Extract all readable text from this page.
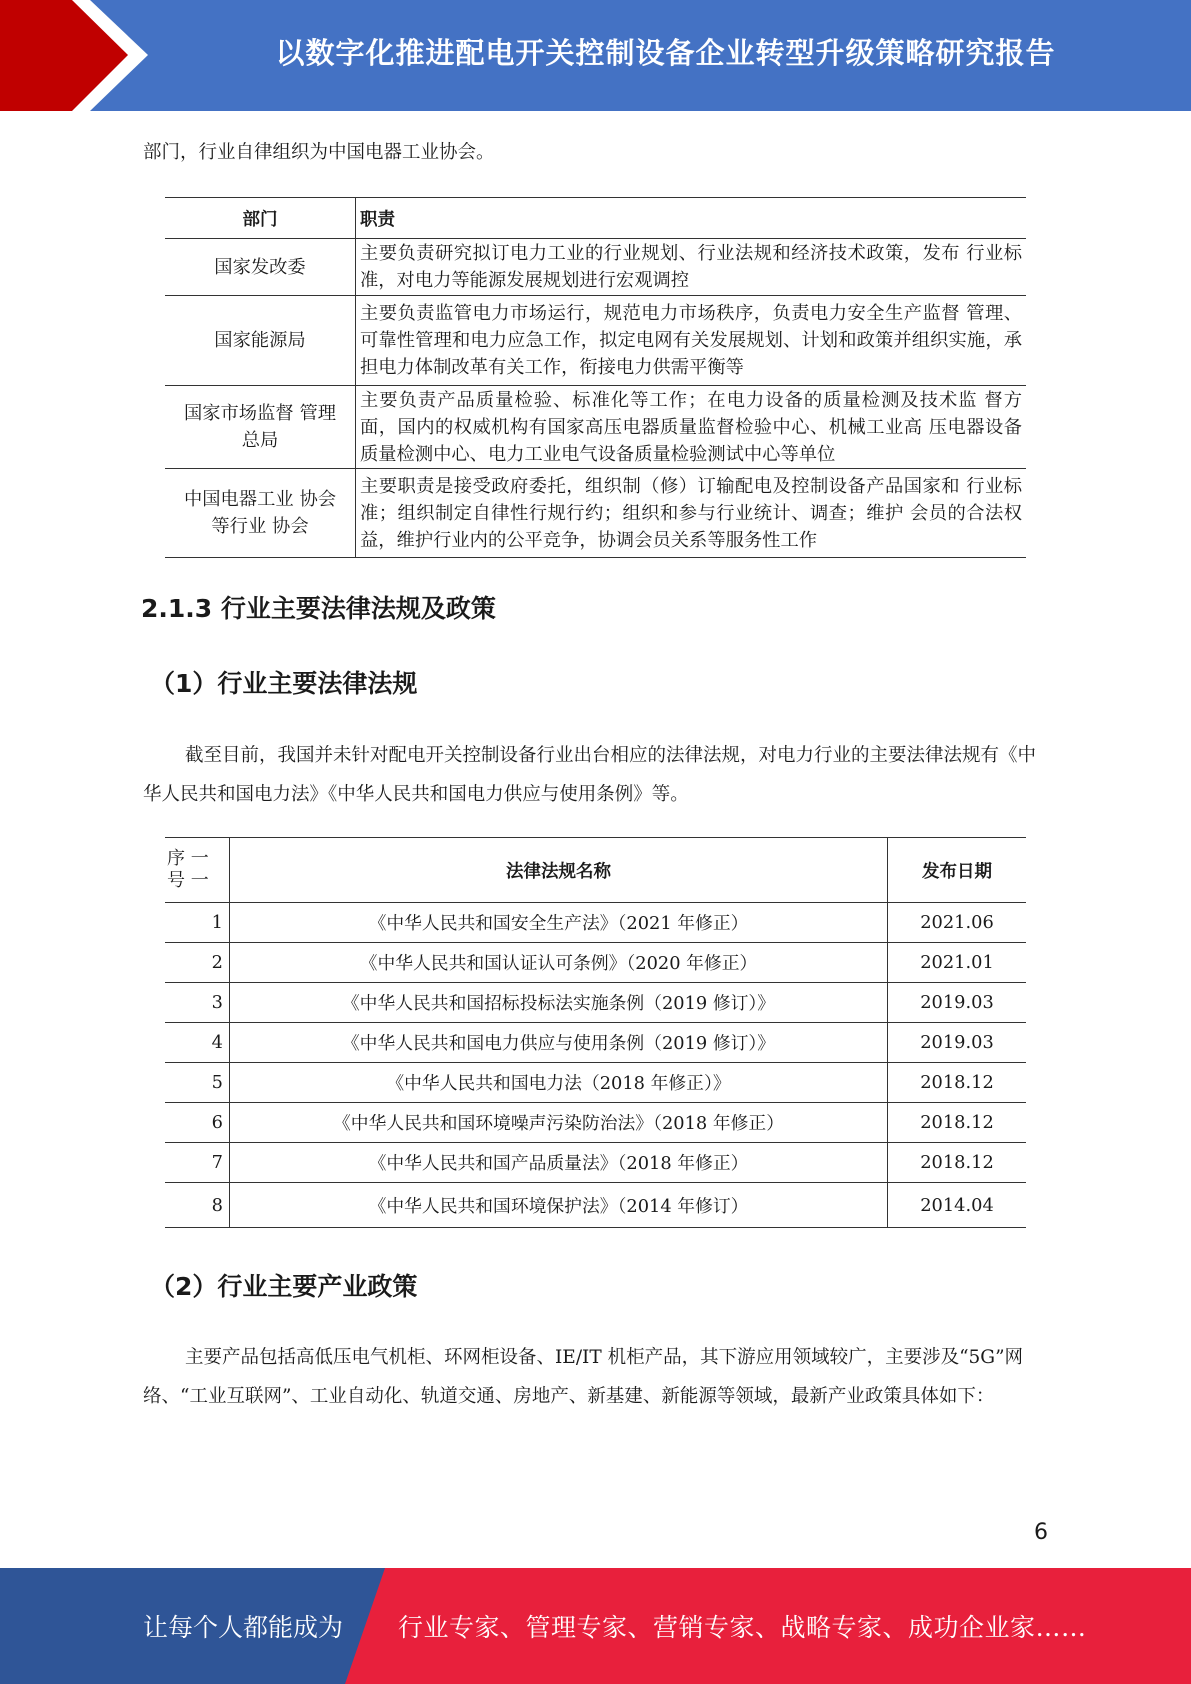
以数字化推进配电开关控制设备企业转型升级策略研究报告
部门，行业自律组织为中国电器工业协会。
部门	职责
国家发改委	主要负责研究拟订电力工业的行业规划、行业法规和经济技术政策，发布 行业标准，对电力等能源发展规划进行宏观调控
国家能源局	主要负责监管电力市场运行，规范电力市场秩序，负责电力安全生产监督 管理、可靠性管理和电力应急工作，拟定电网有关发展规划、计划和政策并组织实施，承担电力体制改革有关工作，衔接电力供需平衡等
国家市场监督 管理总局	主要负责产品质量检验、标准化等工作；在电力设备的质量检测及技术监 督方面，国内的权威机构有国家高压电器质量监督检验中心、机械工业高 压电器设备质量检测中心、电力工业电气设备质量检验测试中心等单位
中国电器工业 协会等行业 协会	主要职责是接受政府委托，组织制（修）订输配电及控制设备产品国家和 行业标准；组织制定自律性行规行约；组织和参与行业统计、调查；维护 会员的合法权益，维护行业内的公平竞争，协调会员关系等服务性工作
2.1.3 行业主要法律法规及政策
（1）行业主要法律法规
截至目前，我国并未针对配电开关控制设备行业出台相应的法律法规，对电力行业的主要法律法规有《中华人民共和国电力法》《中华人民共和国电力供应与使用条例》等。
序 一 号 一	法律法规名称	发布日期
1	《中华人民共和国安全生产法》（2021 年修正）	2021.06
2	《中华人民共和国认证认可条例》（2020 年修正）	2021.01
3	《中华人民共和国招标投标法实施条例（2019 修订）》	2019.03
4	《中华人民共和国电力供应与使用条例（2019 修订）》	2019.03
5	《中华人民共和国电力法（2018 年修正）》	2018.12
6	《中华人民共和国环境噪声污染防治法》（2018 年修正）	2018.12
7	《中华人民共和国产品质量法》（2018 年修正）	2018.12
8	《中华人民共和国环境保护法》（2014 年修订）	2014.04
（2）行业主要产业政策
主要产品包括高低压电气机柜、环网柜设备、IE/IT 机柜产品，其下游应用领域较广，主要涉及“5G”网络、“工业互联网”、工业自动化、轨道交通、房地产、新基建、新能源等领域，最新产业政策具体如下：
6
让每个人都能成为 行业专家、管理专家、营销专家、战略专家、成功企业家……
